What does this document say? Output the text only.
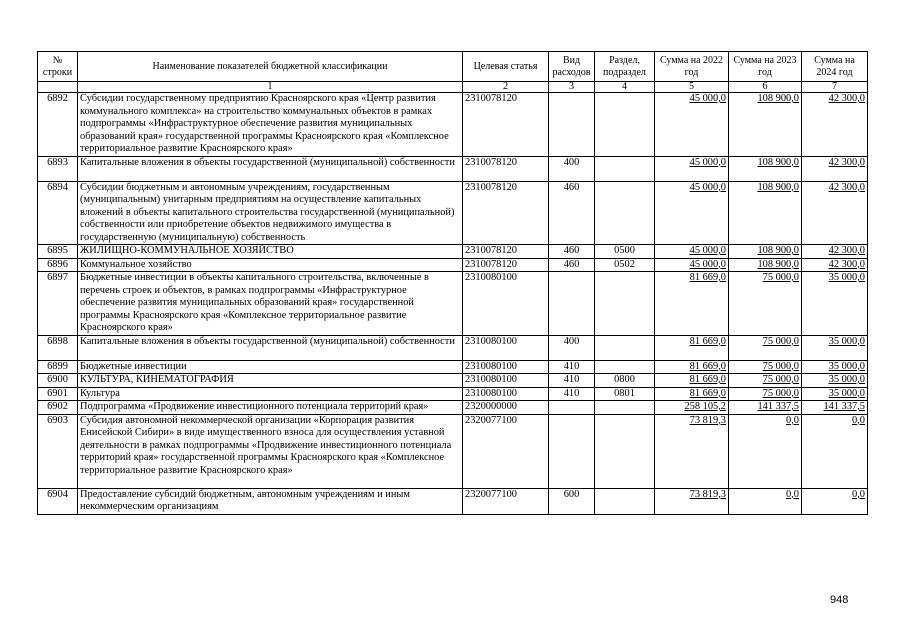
№ строки	Наименование показателей бюджетной классификации	Целевая статья	Вид расходов	Раздел, подраздел	Сумма на 2022 год	Сумма на 2023 год	Сумма на 2024 год
	1	2	3	4	5	6	7
6892	Субсидии государственному предприятию Красноярского края «Центр развития коммунального комплекса» на строительство коммунальных объектов в рамках подпрограммы «Инфраструктурное обеспечение развития муниципальных образований края» государственной программы Красноярского края «Комплексное территориальное развитие Красноярского края»	2310078120			45 000,0	108 900,0	42 300,0
6893	Капитальные вложения в объекты государственной (муниципальной) собственности	2310078120	400		45 000,0	108 900,0	42 300,0
6894	Субсидии бюджетным и автономным учреждениям, государственным (муниципальным) унитарным предприятиям на осуществление капитальных вложений в объекты капитального строительства государственной (муниципальной) собственности или приобретение объектов недвижимого имущества в государственную (муниципальную) собственность	2310078120	460		45 000,0	108 900,0	42 300,0
6895	ЖИЛИЩНО-КОММУНАЛЬНОЕ ХОЗЯЙСТВО	2310078120	460	0500	45 000,0	108 900,0	42 300,0
6896	Коммунальное хозяйство	2310078120	460	0502	45 000,0	108 900,0	42 300,0
6897	Бюджетные инвестиции в объекты капитального строительства, включенные в перечень строек и объектов, в рамках подпрограммы «Инфраструктурное обеспечение развития муниципальных образований края» государственной программы Красноярского края «Комплексное территориальное развитие Красноярского края»	2310080100			81 669,0	75 000,0	35 000,0
6898	Капитальные вложения в объекты государственной (муниципальной) собственности	2310080100	400		81 669,0	75 000,0	35 000,0
6899	Бюджетные инвестиции	2310080100	410		81 669,0	75 000,0	35 000,0
6900	КУЛЬТУРА, КИНЕМАТОГРАФИЯ	2310080100	410	0800	81 669,0	75 000,0	35 000,0
6901	Культура	2310080100	410	0801	81 669,0	75 000,0	35 000,0
6902	Подпрограмма «Продвижение инвестиционного потенциала территорий края»	2320000000			258 105,2	141 337,5	141 337,5
6903	Субсидия автономной некоммерческой организации «Корпорация развития Енисейской Сибири» в виде имущественного взноса для осуществления уставной деятельности в рамках подпрограммы «Продвижение инвестиционного потенциала территорий края» государственной программы Красноярского края «Комплексное территориальное развитие Красноярского края»	2320077100			73 819,3	0,0	0,0
6904	Предоставление субсидий бюджетным, автономным учреждениям и иным некоммерческим организациям	2320077100	600		73 819,3	0,0	0,0
948
